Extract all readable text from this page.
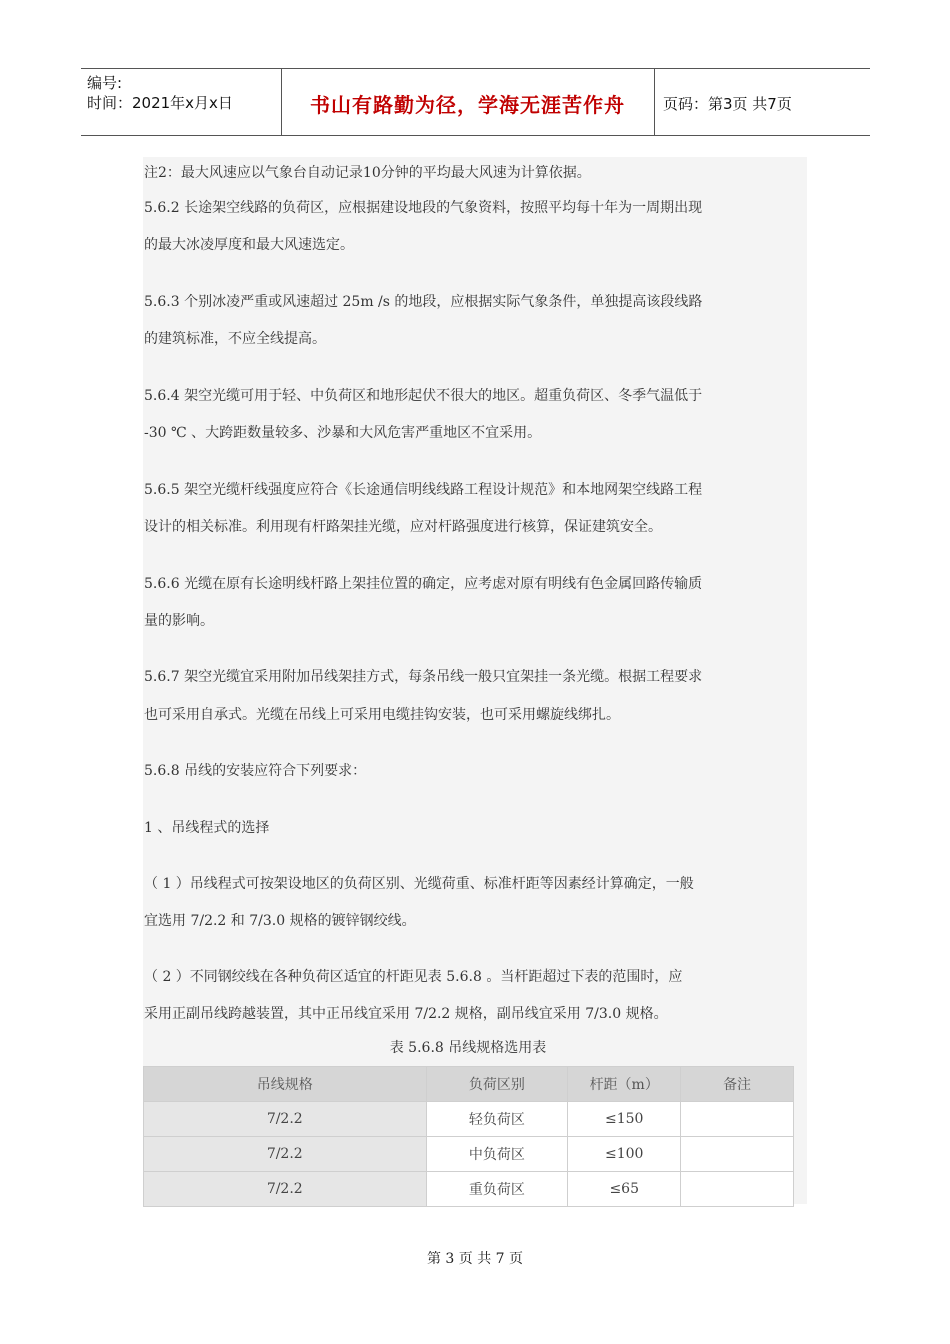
编号:
时间：2021年x月x日	书山有路勤为径，学海无涯苦作舟	页码：第3页 共7页
注2：最大风速应以气象台自动记录10分钟的平均最大风速为计算依据。
5.6.2 长途架空线路的负荷区，应根据建设地段的气象资料，按照平均每十年为一周期出现
的最大冰凌厚度和最大风速选定。
5.6.3 个别冰凌严重或风速超过 25m /s 的地段，应根据实际气象条件，单独提高该段线路
的建筑标准，不应全线提高。
5.6.4 架空光缆可用于轻、中负荷区和地形起伏不很大的地区。超重负荷区、冬季气温低于
-30 ℃ 、大跨距数量较多、沙暴和大风危害严重地区不宜采用。
5.6.5 架空光缆杆线强度应符合《长途通信明线线路工程设计规范》和本地网架空线路工程
设计的相关标准。利用现有杆路架挂光缆，应对杆路强度进行核算，保证建筑安全。
5.6.6 光缆在原有长途明线杆路上架挂位置的确定，应考虑对原有明线有色金属回路传输质
量的影响。
5.6.7 架空光缆宜采用附加吊线架挂方式，每条吊线一般只宜架挂一条光缆。根据工程要求
也可采用自承式。光缆在吊线上可采用电缆挂钩安装，也可采用螺旋线绑扎。
5.6.8 吊线的安装应符合下列要求：
1 、吊线程式的选择
（ 1 ）吊线程式可按架设地区的负荷区别、光缆荷重、标准杆距等因素经计算确定，一般
宜选用 7/2.2 和 7/3.0 规格的镀锌钢绞线。
（ 2 ）不同钢绞线在各种负荷区适宜的杆距见表 5.6.8 。当杆距超过下表的范围时，应
采用正副吊线跨越装置，其中正吊线宜采用 7/2.2 规格，副吊线宜采用 7/3.0 规格。
表 5.6.8 吊线规格选用表
吊线规格	负荷区别	杆距（m）	备注
7/2.2	轻负荷区	≤150	
7/2.2	中负荷区	≤100	
7/2.2	重负荷区	≤65	
第 3 页 共 7 页
